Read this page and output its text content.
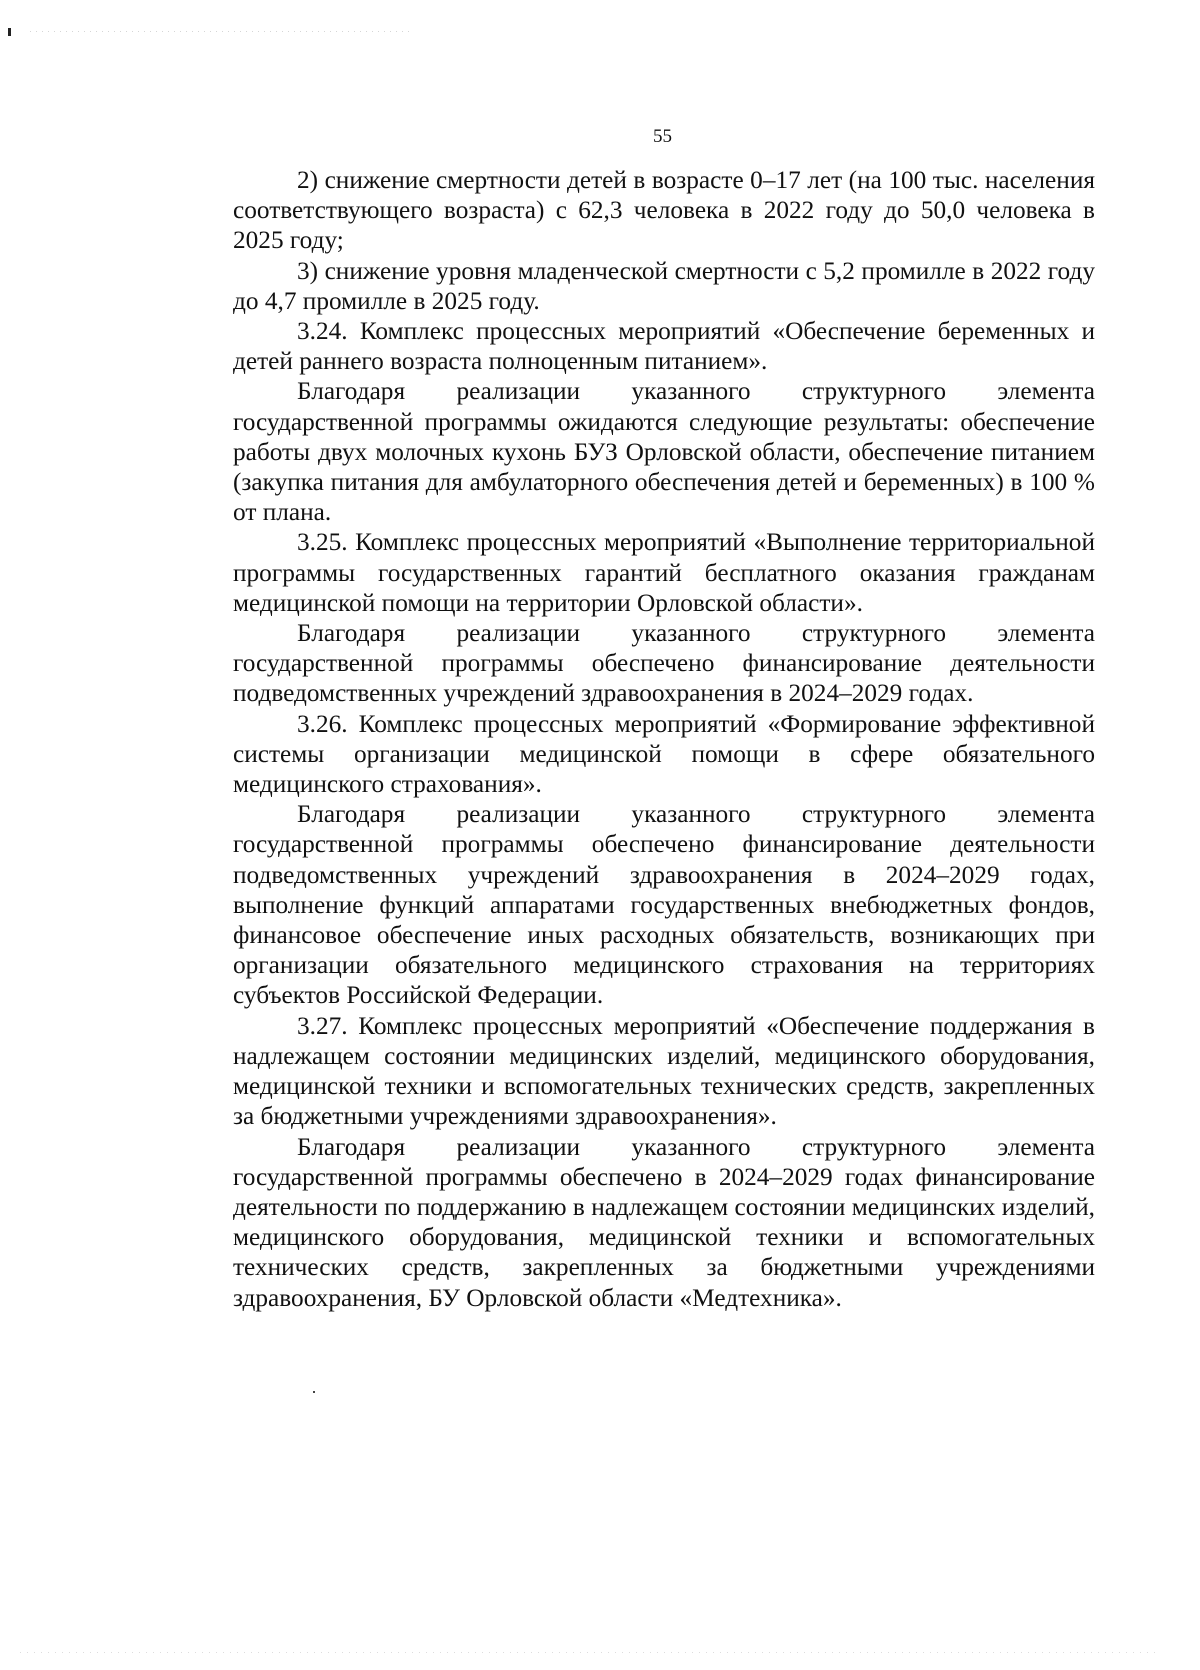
55

2) снижение смертности детей в возрасте 0–17 лет (на 100 тыс. населения соответствующего возраста) с 62,3 человека в 2022 году до 50,0 человека в 2025 году;

3) снижение уровня младенческой смертности с 5,2 промилле в 2022 году до 4,7 промилле в 2025 году.

3.24. Комплекс процессных мероприятий «Обеспечение беременных и детей раннего возраста полноценным питанием».

Благодаря реализации указанного структурного элемента государственной программы ожидаются следующие результаты: обеспечение работы двух молочных кухонь БУЗ Орловской области, обеспечение питанием (закупка питания для амбулаторного обеспечения детей и беременных) в 100 % от плана.

3.25. Комплекс процессных мероприятий «Выполнение территориальной программы государственных гарантий бесплатного оказания гражданам медицинской помощи на территории Орловской области».

Благодаря реализации указанного структурного элемента государственной программы обеспечено финансирование деятельности подведомственных учреждений здравоохранения в 2024–2029 годах.

3.26. Комплекс процессных мероприятий «Формирование эффективной системы организации медицинской помощи в сфере обязательного медицинского страхования».

Благодаря реализации указанного структурного элемента государственной программы обеспечено финансирование деятельности подведомственных учреждений здравоохранения в 2024–2029 годах, выполнение функций аппаратами государственных внебюджетных фондов, финансовое обеспечение иных расходных обязательств, возникающих при организации обязательного медицинского страхования на территориях субъектов Российской Федерации.

3.27. Комплекс процессных мероприятий «Обеспечение поддержания в надлежащем состоянии медицинских изделий, медицинского оборудования, медицинской техники и вспомогательных технических средств, закрепленных за бюджетными учреждениями здравоохранения».

Благодаря реализации указанного структурного элемента государственной программы обеспечено в 2024–2029 годах финансирование деятельности по поддержанию в надлежащем состоянии медицинских изделий, медицинского оборудования, медицинской техники и вспомогательных технических средств, закрепленных за бюджетными учреждениями здравоохранения, БУ Орловской области «Медтехника».
